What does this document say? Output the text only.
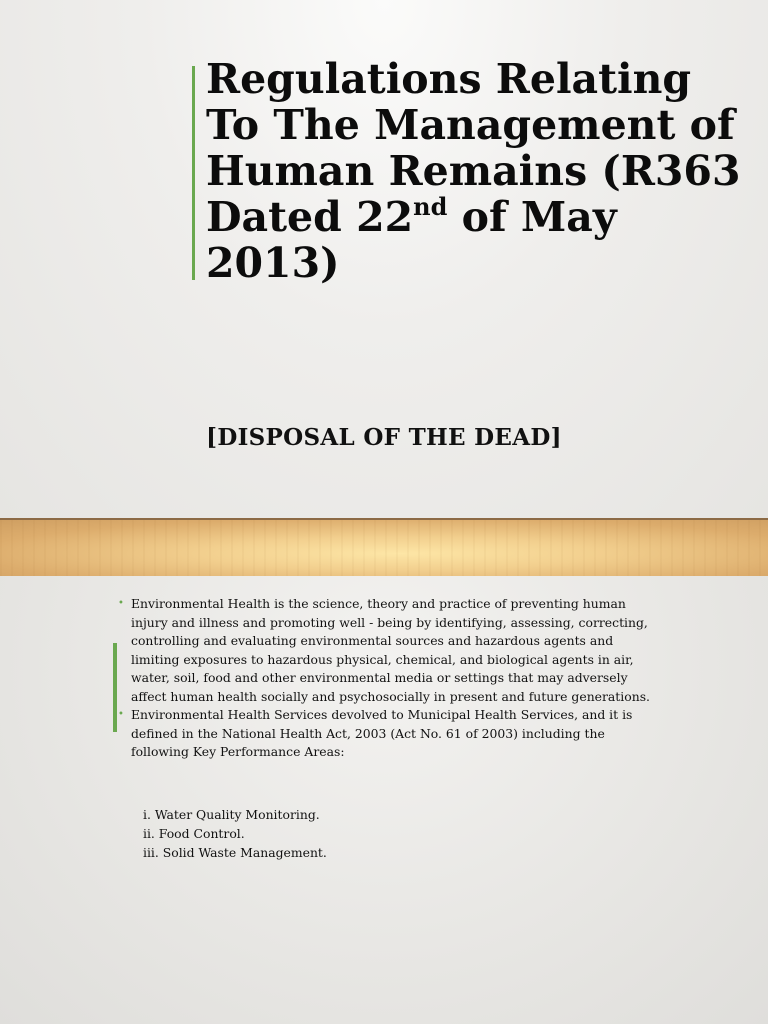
Regulations Relating To The Management of Human Remains (R363 Dated 22nd of May 2013)
[DISPOSAL OF THE DEAD]
• Environmental Health is the science, theory and practice of preventing human injury and illness and promoting well - being by identifying, assessing, correcting, controlling and evaluating environmental sources and hazardous agents and limiting exposures to hazardous physical, chemical, and biological agents in air, water, soil, food and other environmental media or settings that may adversely affect human health socially and psychosocially in present and future generations.
• Environmental Health Services devolved to Municipal Health Services, and it is defined in the National Health Act, 2003 (Act No. 61 of 2003) including the following Key Performance Areas:
i. Water Quality Monitoring.
ii. Food Control.
iii. Solid Waste Management.
